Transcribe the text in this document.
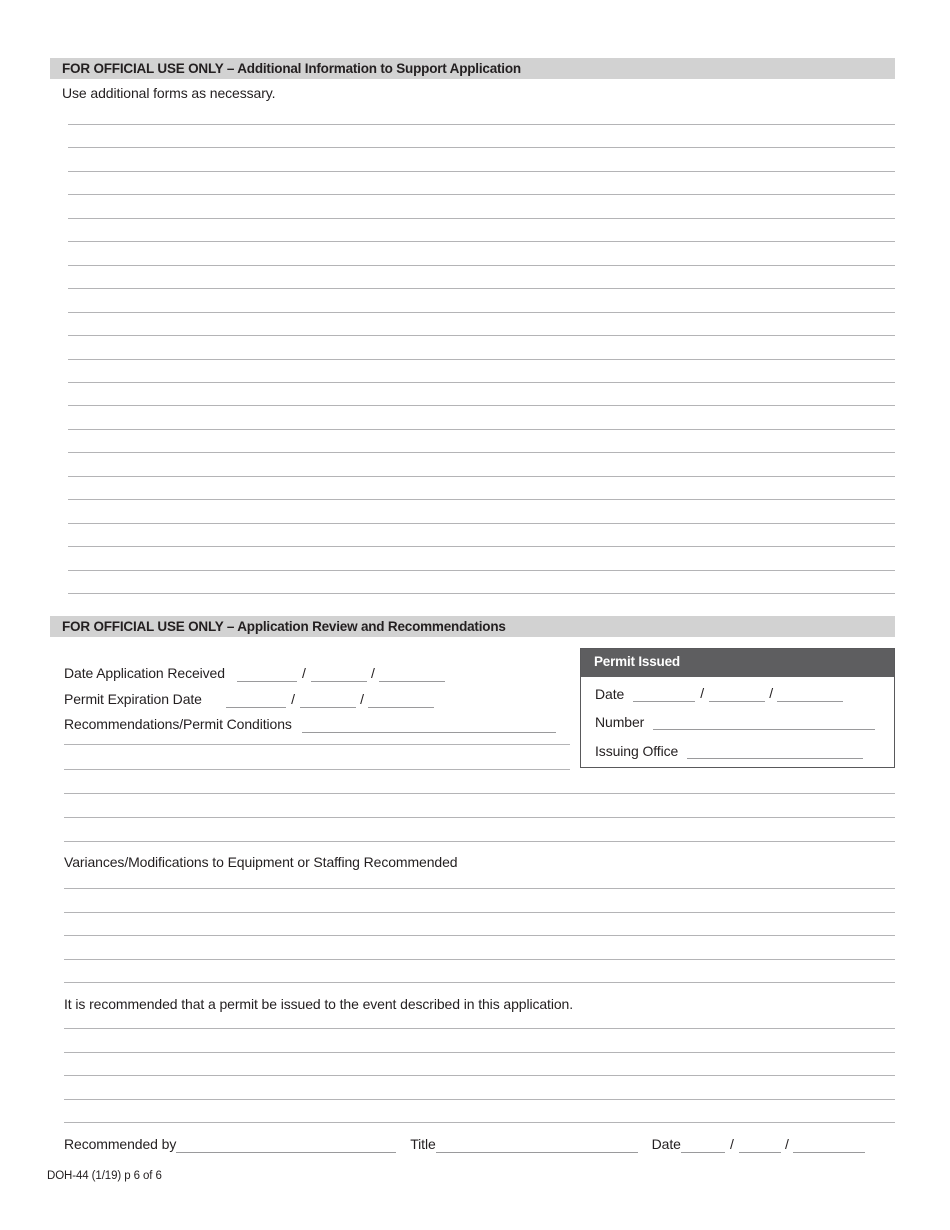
FOR OFFICIAL USE ONLY – Additional Information to Support Application
Use additional forms as necessary.
FOR OFFICIAL USE ONLY – Application Review and Recommendations
Date Application Received	/	/
Permit Expiration Date	/	/
Recommendations/Permit Conditions
Permit Issued
Date	/	/
Number
Issuing Office
Variances/Modifications to Equipment or Staffing Recommended
It is recommended that a permit be issued to the event described in this application.
Recommended by	Title	Date	/	/
DOH-44 (1/19) p 6 of 6
